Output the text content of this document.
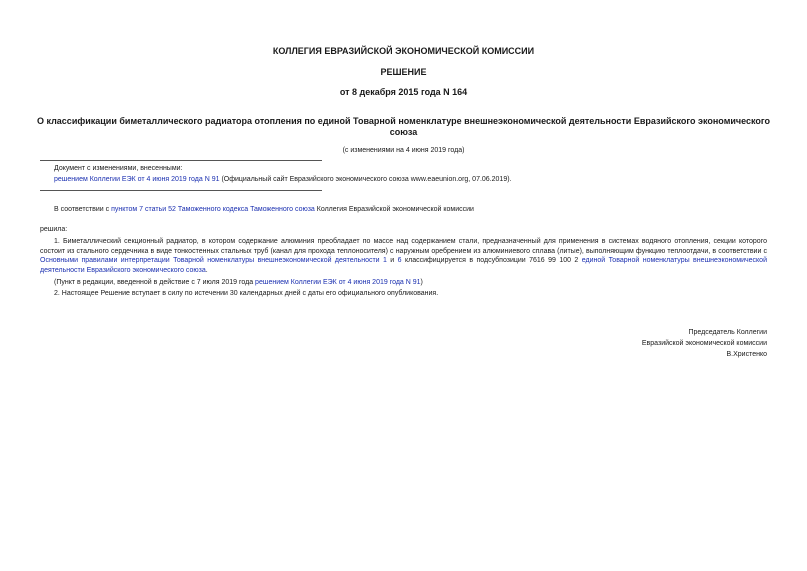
КОЛЛЕГИЯ ЕВРАЗИЙСКОЙ ЭКОНОМИЧЕСКОЙ КОМИССИИ
РЕШЕНИЕ
от 8 декабря 2015 года N 164
О классификации биметаллического радиатора отопления по единой Товарной номенклатуре внешнеэкономической деятельности Евразийского экономического союза
(с изменениями на 4 июня 2019 года)
Документ с изменениями, внесенными:
решением Коллегии ЕЭК от 4 июня 2019 года N 91 (Официальный сайт Евразийского экономического союза www.eaeunion.org, 07.06.2019).
В соответствии с пунктом 7 статьи 52 Таможенного кодекса Таможенного союза Коллегия Евразийской экономической комиссии
решила:
1. Биметаллический секционный радиатор, в котором содержание алюминия преобладает по массе над содержанием стали, предназначенный для применения в системах водяного отопления, секции которого состоит из стального сердечника в виде тонкостенных стальных труб (канал для прохода теплоносителя) с наружным оребрением из алюминиевого сплава (литые), выполняющим функцию теплоотдачи, в соответствии с Основными правилами интерпретации Товарной номенклатуры внешнеэкономической деятельности 1 и 6 классифицируется в подсубпозиции 7616 99 100 2 единой Товарной номенклатуры внешнеэкономической деятельности Евразийского экономического союза.
(Пункт в редакции, введенной в действие с 7 июля 2019 года решением Коллегии ЕЭК от 4 июня 2019 года N 91)
2. Настоящее Решение вступает в силу по истечении 30 календарных дней с даты его официального опубликования.
Председатель Коллегии
Евразийской экономической комиссии
В.Христенко
